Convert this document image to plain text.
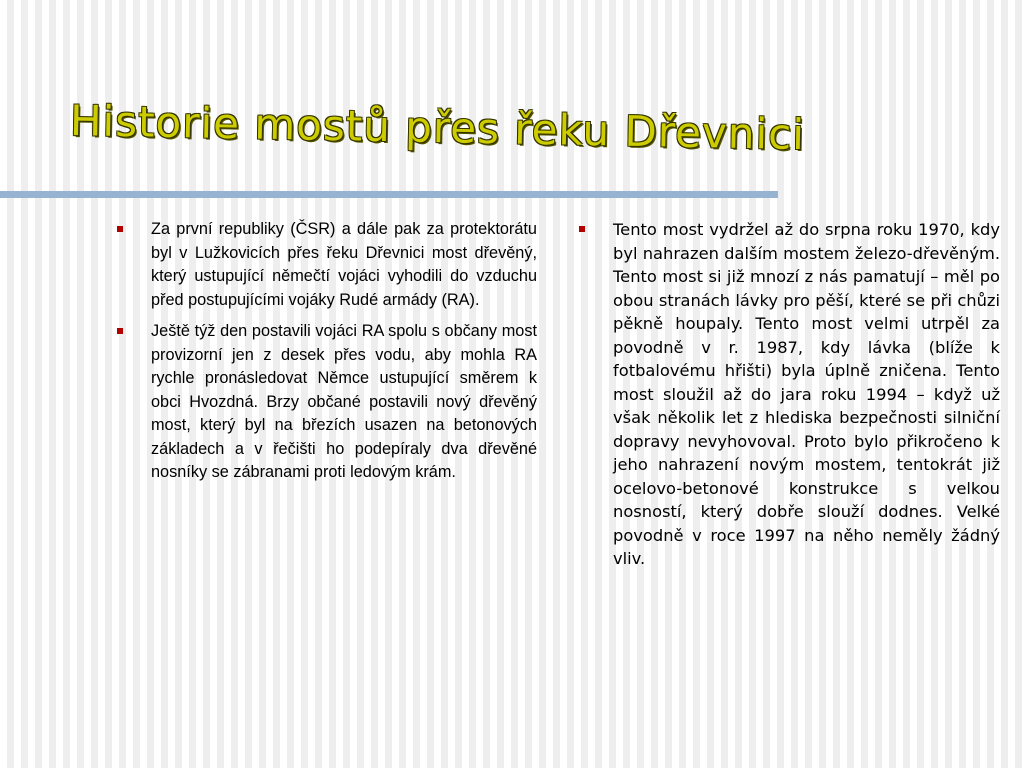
Historie mostů přes řeku Dřevnici
Za první republiky (ČSR) a dále pak za protektorátu byl v Lužkovicích přes řeku Dřevnici most dřevěný, který ustupující němečtí vojáci vyhodili do vzduchu před postupujícími vojáky Rudé armády (RA).
Ještě týž den postavili vojáci RA spolu s občany most provizorní jen z desek přes vodu, aby mohla RA rychle pronásledovat Němce ustupující směrem k obci Hvozdná. Brzy občané postavili nový dřevěný most, který byl na březích usazen na betonových základech a v řečišti ho podepíraly dva dřevěné nosníky se zábranami proti ledovým krám.
Tento most vydržel až do srpna roku 1970, kdy byl nahrazen dalším mostem železo-dřevěným. Tento most si již mnozí z nás pamatují – měl po obou stranách lávky pro pěší, které se při chůzi pěkně houpaly. Tento most velmi utrpěl za povodně v r. 1987, kdy lávka (blíže k fotbalovému hřišti) byla úplně zničena. Tento most sloužil až do jara roku 1994 – když už však několik let z hlediska bezpečnosti silniční dopravy nevyhovoval. Proto bylo přikročeno k jeho nahrazení novým mostem, tentokrát již ocelovo-betonové konstrukce s velkou nosností, který dobře slouží dodnes. Velké povodně v roce 1997 na něho neměly žádný vliv.
